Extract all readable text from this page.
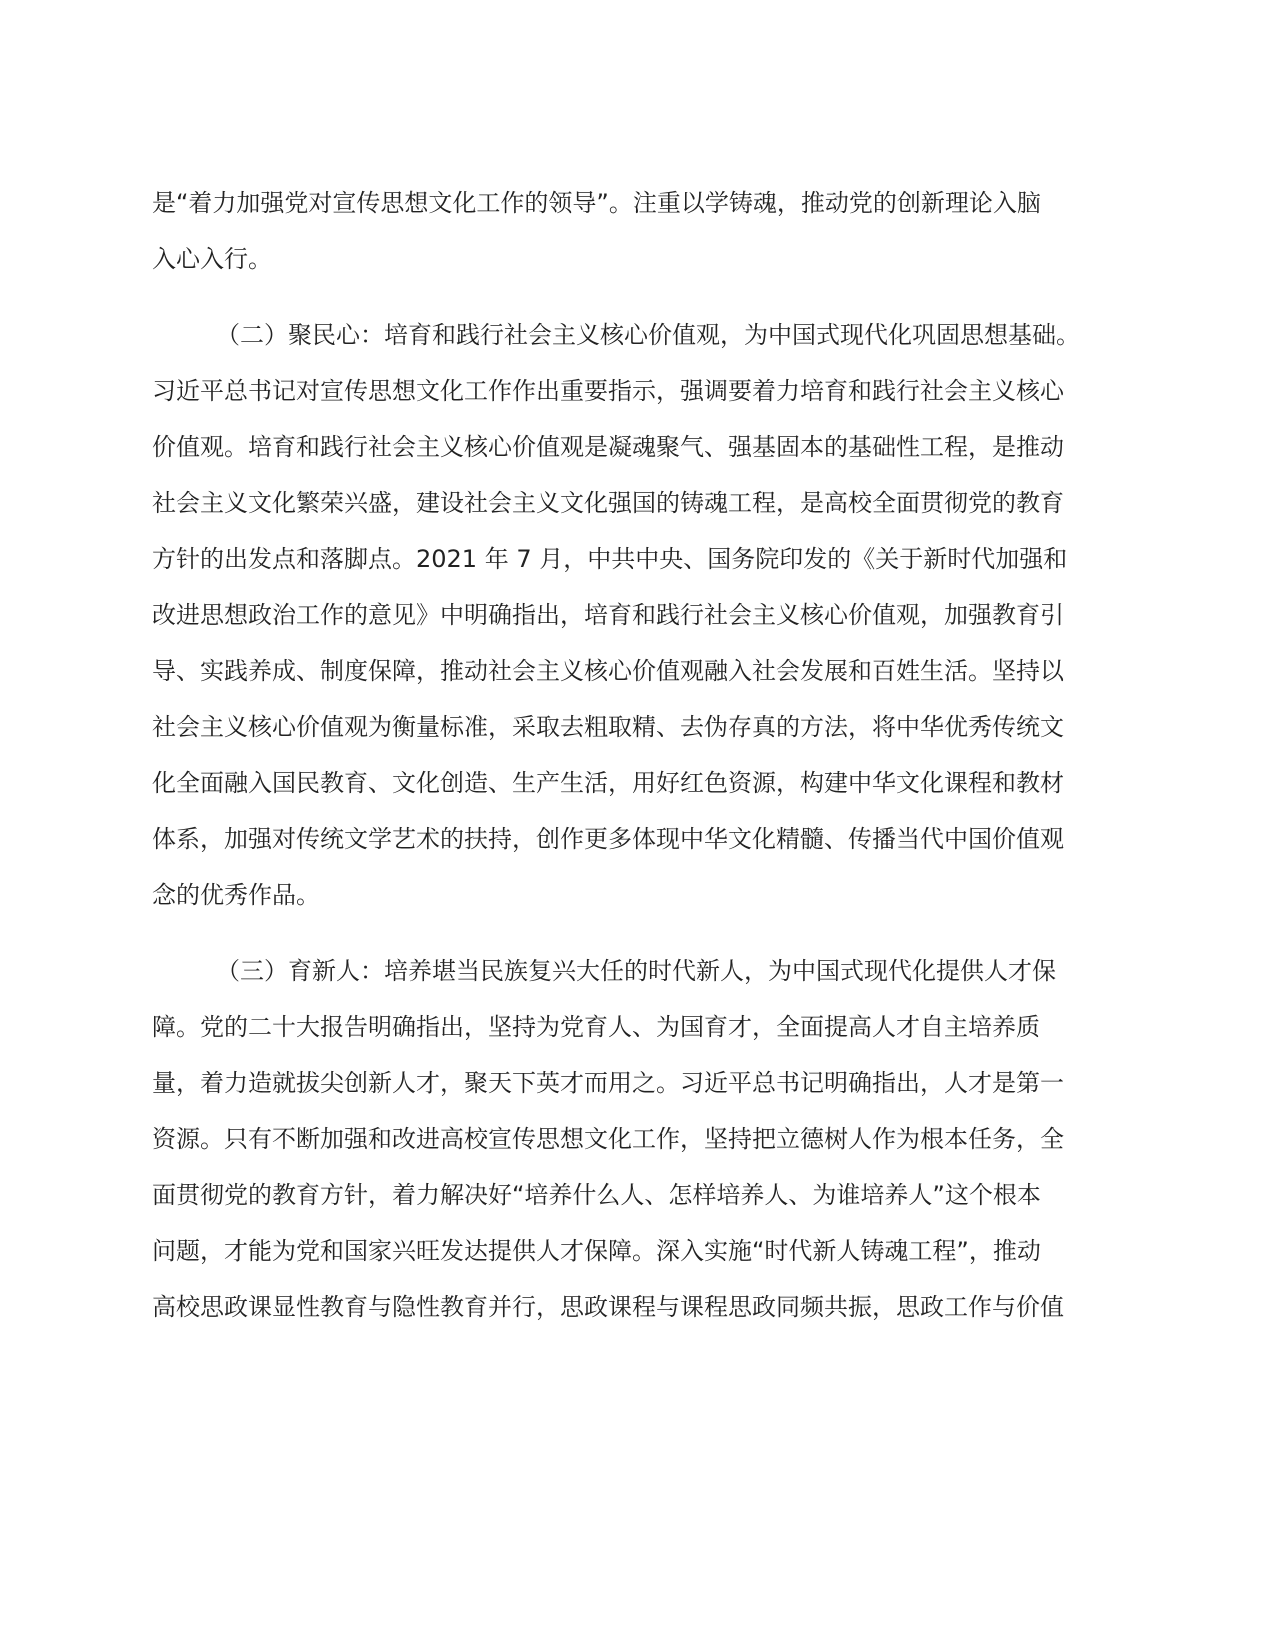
是“着力加强党对宣传思想文化工作的领导”。注重以学铸魂，推动党的创新理论入脑
入心入行。
（二）聚民心：培育和践行社会主义核心价值观，为中国式现代化巩固思想基础。
习近平总书记对宣传思想文化工作作出重要指示，强调要着力培育和践行社会主义核心
价值观。培育和践行社会主义核心价值观是凝魂聚气、强基固本的基础性工程，是推动
社会主义文化繁荣兴盛，建设社会主义文化强国的铸魂工程，是高校全面贯彻党的教育
方针的出发点和落脚点。2021 年 7 月，中共中央、国务院印发的《关于新时代加强和
改进思想政治工作的意见》中明确指出，培育和践行社会主义核心价值观，加强教育引
导、实践养成、制度保障，推动社会主义核心价值观融入社会发展和百姓生活。坚持以
社会主义核心价值观为衡量标准，采取去粗取精、去伪存真的方法，将中华优秀传统文
化全面融入国民教育、文化创造、生产生活，用好红色资源，构建中华文化课程和教材
体系，加强对传统文学艺术的扶持，创作更多体现中华文化精髓、传播当代中国价值观
念的优秀作品。
（三）育新人：培养堪当民族复兴大任的时代新人，为中国式现代化提供人才保
障。党的二十大报告明确指出，坚持为党育人、为国育才，全面提高人才自主培养质
量，着力造就拔尖创新人才，聚天下英才而用之。习近平总书记明确指出，人才是第一
资源。只有不断加强和改进高校宣传思想文化工作，坚持把立德树人作为根本任务，全
面贯彻党的教育方针，着力解决好“培养什么人、怎样培养人、为谁培养人”这个根本
问题，才能为党和国家兴旺发达提供人才保障。深入实施“时代新人铸魂工程”，推动
高校思政课显性教育与隐性教育并行，思政课程与课程思政同频共振，思政工作与价值
